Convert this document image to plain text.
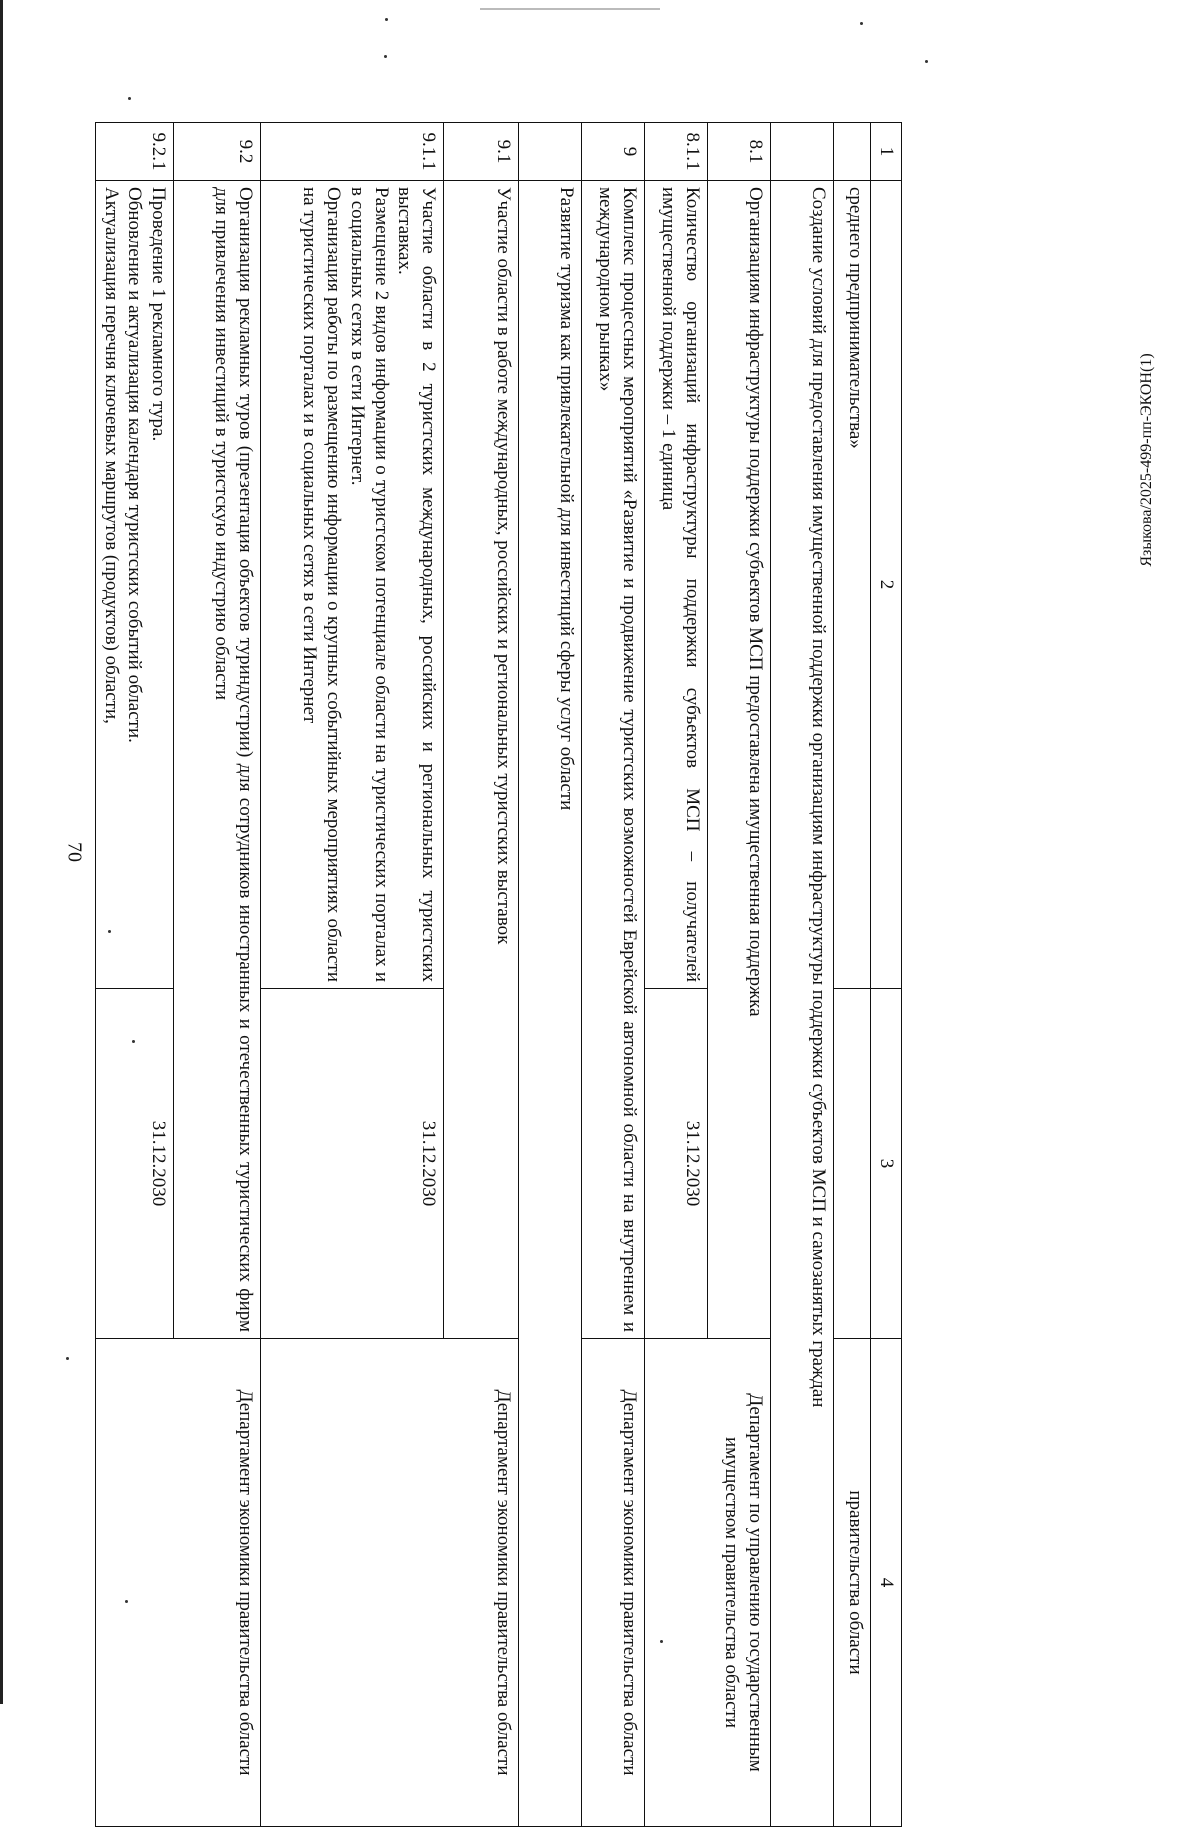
70
Языкова/2025-499-пп-ЭКОН(1)
1	2	3	4
	среднего предпринимательства»		правительства области
	Создание условий для предоставления имущественной поддержки организациям инфраструктуры поддержки субъектов МСП и самозанятых граждан		
8.1	Организациям инфраструктуры поддержки субъектов МСП предоставлена имущественная поддержка		Департамент по управлению государственным имуществом правительства области
8.1.1	Количество организаций инфраструктуры поддержки субъектов МСП – получателей имущественной поддержки – 1 единица	31.12.2030	
9	Комплекс процессных мероприятий «Развитие и продвижение туристских возможностей Еврейской автономной области на внутреннем и международном рынках»		Департамент экономики правительства области
	Развитие туризма как привлекательной для инвестиций сферы услуг области		
9.1	Участие области в работе международных, российских и региональных туристских выставок		Департамент экономики правительства области
9.1.1	Участие области в 2 туристских международных, российских и региональных туристских выставках.
Размещение 2 видов информации о туристском потенциале области на туристических порталах и в социальных сетях в сети Интернет.
Организация работы по размещению информации о крупных событийных мероприятиях области на туристических порталах и в социальных сетях в сети Интернет	31.12.2030	
9.2	Организация рекламных туров (презентация объектов туриндустрии) для сотрудников иностранных и отечественных туристических фирм для привлечения инвестиций в туристскую индустрию области		Департамент экономики правительства области
9.2.1	Проведение 1 рекламного тура.
Обновление и актуализация календаря туристских событий области.
Актуализация перечня ключевых маршрутов (продуктов) области,	31.12.2030	
